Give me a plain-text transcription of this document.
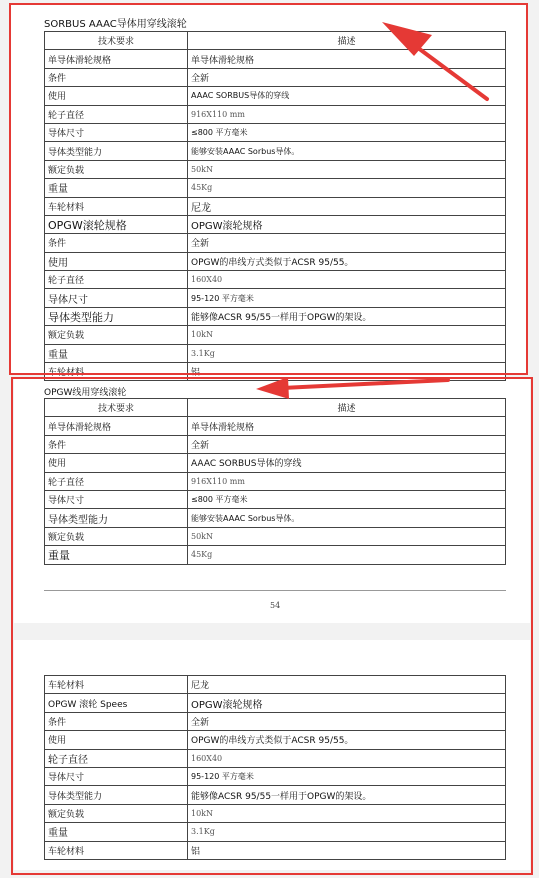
SORBUS AAAC导体用穿线滚轮
技术要求	描述
单导体滑轮规格	单导体滑轮规格
条件	全新
使用	AAAC SORBUS导体的穿线
轮子直径	916X110 mm
导体尺寸	≤800 平方毫米
导体类型能力	能够安装AAAC Sorbus导体。
额定负载	50kN
重量	45Kg
车轮材料	尼龙
OPGW滚轮规格	OPGW滚轮规格
条件	全新
使用	OPGW的串线方式类似于ACSR 95/55。
轮子直径	160X40
导体尺寸	95-120 平方毫米
导体类型能力	能够像ACSR 95/55一样用于OPGW的架设。
额定负载	10kN
重量	3.1Kg
车轮材料	铝
OPGW线用穿线滚轮
技术要求	描述
单导体滑轮规格	单导体滑轮规格
条件	全新
使用	AAAC SORBUS导体的穿线
轮子直径	916X110 mm
导体尺寸	≤800 平方毫米
导体类型能力	能够安装AAAC Sorbus导体。
额定负载	50kN
重量	45Kg
54
车轮材料	尼龙
OPGW 滚轮 Spees	OPGW滚轮规格
条件	全新
使用	OPGW的串线方式类似于ACSR 95/55。
轮子直径	160X40
导体尺寸	95-120 平方毫米
导体类型能力	能够像ACSR 95/55一样用于OPGW的架设。
额定负载	10kN
重量	3.1Kg
车轮材料	铝
